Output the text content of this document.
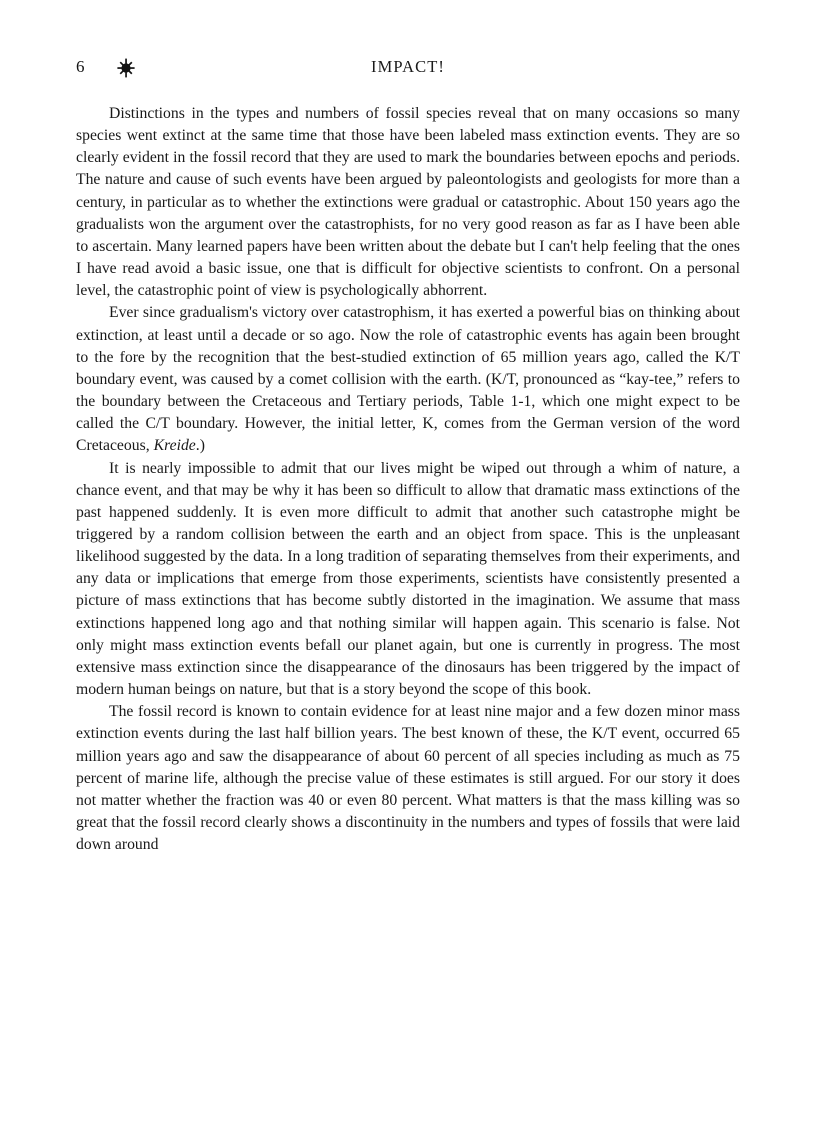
6	IMPACT!

Distinctions in the types and numbers of fossil species reveal that on many occasions so many species went extinct at the same time that those have been labeled mass extinction events. They are so clearly evident in the fossil record that they are used to mark the boundaries between epochs and periods. The nature and cause of such events have been argued by paleontologists and geologists for more than a century, in particular as to whether the extinctions were gradual or catastrophic. About 150 years ago the gradualists won the argument over the catastrophists, for no very good reason as far as I have been able to ascertain. Many learned papers have been written about the debate but I can't help feeling that the ones I have read avoid a basic issue, one that is difficult for objective scientists to confront. On a personal level, the catastrophic point of view is psychologically abhorrent.

Ever since gradualism's victory over catastrophism, it has exerted a powerful bias on thinking about extinction, at least until a decade or so ago. Now the role of catastrophic events has again been brought to the fore by the recognition that the best-studied extinction of 65 million years ago, called the K/T boundary event, was caused by a comet collision with the earth. (K/T, pronounced as “kay-tee,” refers to the boundary between the Cretaceous and Tertiary periods, Table 1-1, which one might expect to be called the C/T boundary. However, the initial letter, K, comes from the German version of the word Cretaceous, Kreide.)

It is nearly impossible to admit that our lives might be wiped out through a whim of nature, a chance event, and that may be why it has been so difficult to allow that dramatic mass extinctions of the past happened suddenly. It is even more difficult to admit that another such catastrophe might be triggered by a random collision between the earth and an object from space. This is the unpleasant likelihood suggested by the data. In a long tradition of separating themselves from their experiments, and any data or implications that emerge from those experiments, scientists have consistently presented a picture of mass extinctions that has become subtly distorted in the imagination. We assume that mass extinctions happened long ago and that nothing similar will happen again. This scenario is false. Not only might mass extinction events befall our planet again, but one is currently in progress. The most extensive mass extinction since the disappearance of the dinosaurs has been triggered by the impact of modern human beings on nature, but that is a story beyond the scope of this book.

The fossil record is known to contain evidence for at least nine major and a few dozen minor mass extinction events during the last half billion years. The best known of these, the K/T event, occurred 65 million years ago and saw the disappearance of about 60 percent of all species including as much as 75 percent of marine life, although the precise value of these estimates is still argued. For our story it does not matter whether the fraction was 40 or even 80 percent. What matters is that the mass killing was so great that the fossil record clearly shows a discontinuity in the numbers and types of fossils that were laid down around
